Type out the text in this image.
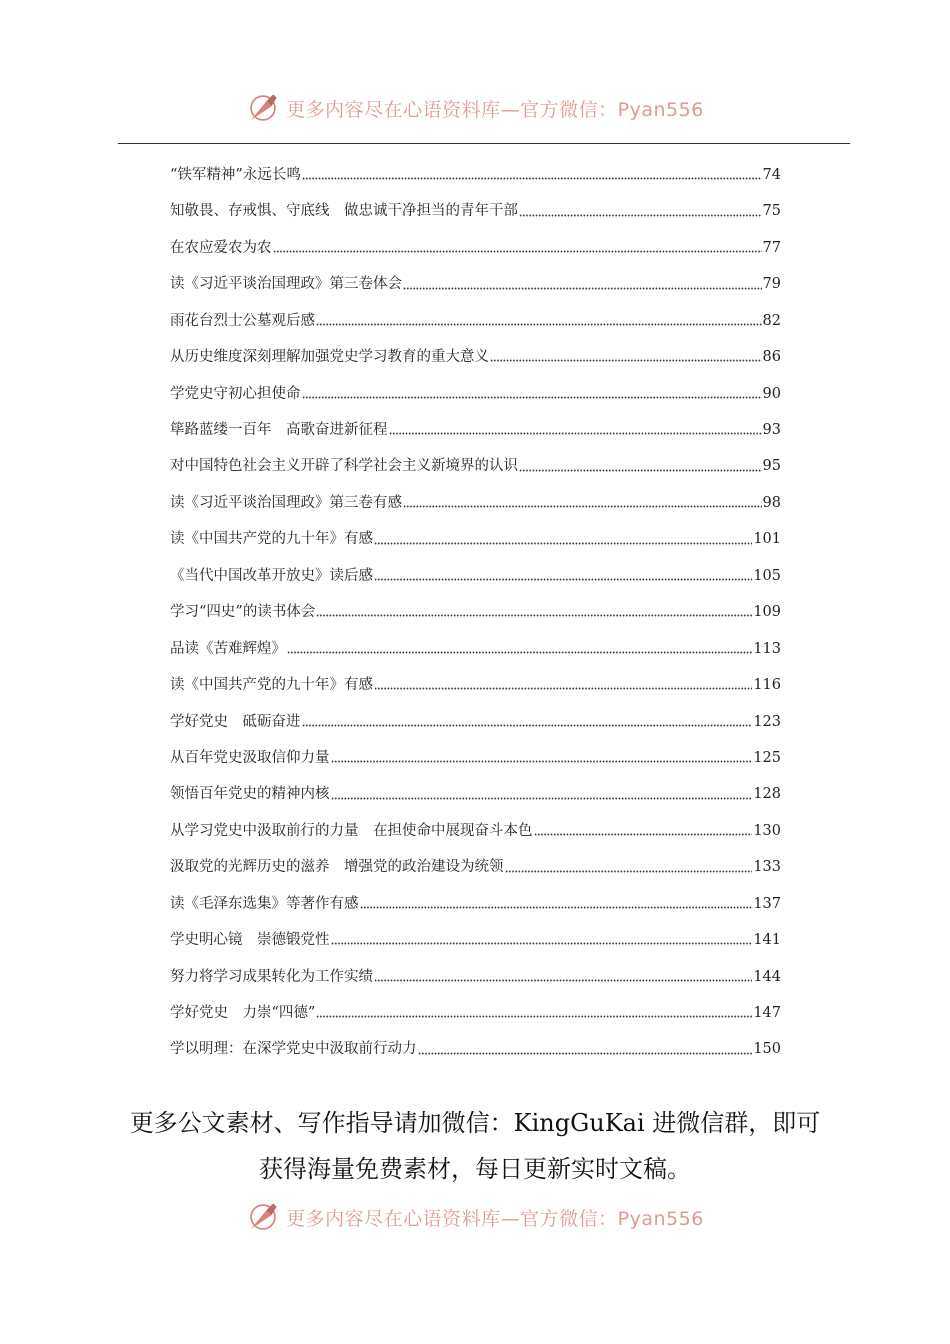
更多内容尽在心语资料库—官方微信：Pyan556
“铁军精神”永远长鸣	74
知敬畏、存戒惧、守底线　做忠诚干净担当的青年干部	75
在农应爱农为农	77
读《习近平谈治国理政》第三卷体会	79
雨花台烈士公墓观后感	82
从历史维度深刻理解加强党史学习教育的重大意义	86
学党史守初心担使命	90
筚路蓝缕一百年　高歌奋进新征程	93
对中国特色社会主义开辟了科学社会主义新境界的认识	95
读《习近平谈治国理政》第三卷有感	98
读《中国共产党的九十年》有感	101
《当代中国改革开放史》读后感	105
学习“四史”的读书体会	109
品读《苦难辉煌》	113
读《中国共产党的九十年》有感	116
学好党史　砥砺奋进	123
从百年党史汲取信仰力量	125
领悟百年党史的精神内核	128
从学习党史中汲取前行的力量　在担使命中展现奋斗本色	130
汲取党的光辉历史的滋养　增强党的政治建设为统领	133
读《毛泽东选集》等著作有感	137
学史明心镜　崇德锻党性	141
努力将学习成果转化为工作实绩	144
学好党史　力崇“四德”	147
学以明理：在深学党史中汲取前行动力	150
更多公文素材、写作指导请加微信：KingGuKai 进微信群，即可
获得海量免费素材，每日更新实时文稿。
更多内容尽在心语资料库—官方微信：Pyan556
